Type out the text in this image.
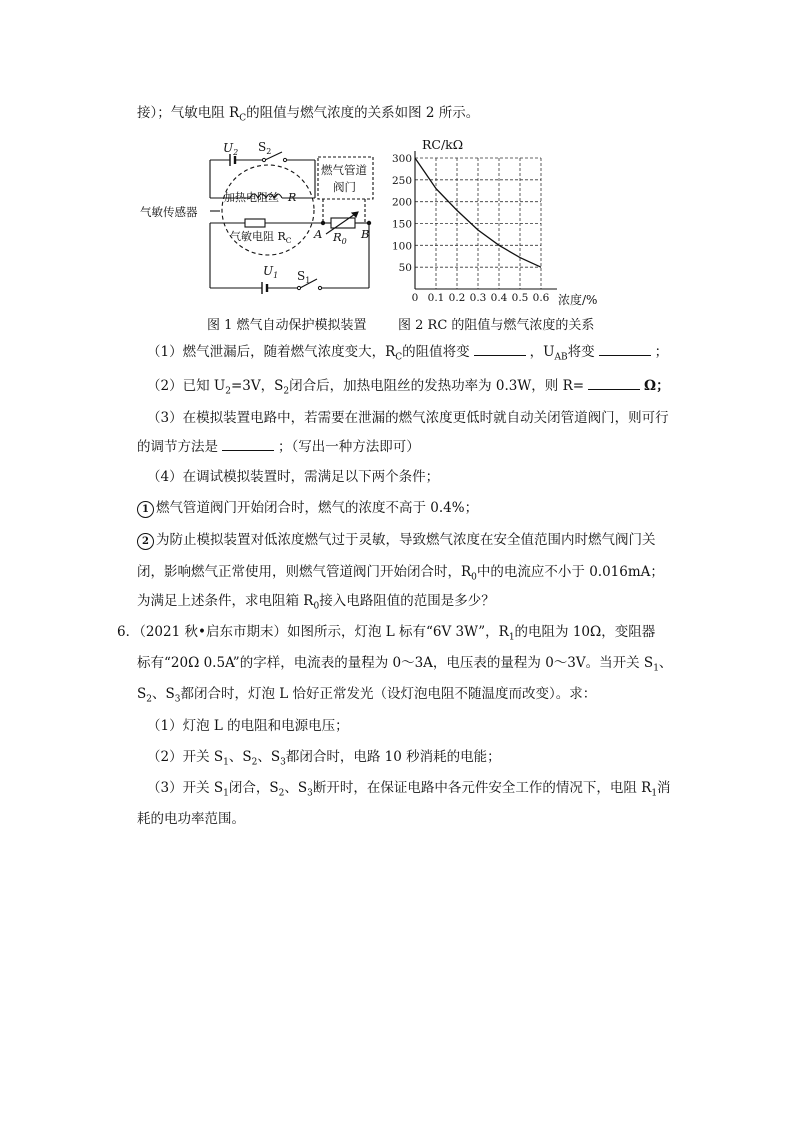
接）；气敏电阻 $R_C$的阻值与燃气浓度的关系如图 2 所示。
$U_2$ $S_2$
燃气管道
阀门
加热电阻丝 R
气敏传感器
气敏电阻 $R_C$ A	B
$R_0$
$U_1$ $S_1$
RC/kΩ
浓度/%
0 0.1 0.2 0.3 0.4 0.5 0.6
50
100
150
200
250
300
图 1 燃气自动保护模拟装置 图 2 RC 的阻值与燃气浓度的关系
（1）燃气泄漏后，随着燃气浓度变大，$R_C$的阻值将变	，$U_{AB}$将变	；
（2）已知 $U_2=3V$，$S_2$闭合后，加热电阻丝的发热功率为 0.3W，则 R=	Ω；
（3）在模拟装置电路中，若需要在泄漏的燃气浓度更低时就自动关闭管道阀门，则可行
的调节方法是	；（写出一种方法即可）
（4）在调试模拟装置时，需满足以下两个条件；
1 燃气管道阀门开始闭合时，燃气的浓度不高于 0.4%；
2 为防止模拟装置对低浓度燃气过于灵敏，导致燃气浓度在安全值范围内时燃气阀门关
闭，影响燃气正常使用，则燃气管道阀门开始闭合时，$R_0$中的电流应不小于 0.016mA；
为满足上述条件，求电阻箱 $R_0$接入电路阻值的范围是多少？
6．（2021 秋•启东市期末）如图所示，灯泡 L 标有“6V 3W”，$R_1$的电阻为 10Ω，变阻器
标有“20Ω 0.5A”的字样，电流表的量程为 0～3A，电压表的量程为 0～3V。当开关 $S_1$、
$S_2$、$S_3$都闭合时，灯泡 L 恰好正常发光（设灯泡电阻不随温度而改变）。求：
（1）灯泡 L 的电阻和电源电压；
（2）开关 $S_1$、$S_2$、$S_3$都闭合时，电路 10 秒消耗的电能；
（3）开关 $S_1$闭合，$S_2$、$S_3$断开时，在保证电路中各元件安全工作的情况下，电阻 $R_1$消
耗的电功率范围。
